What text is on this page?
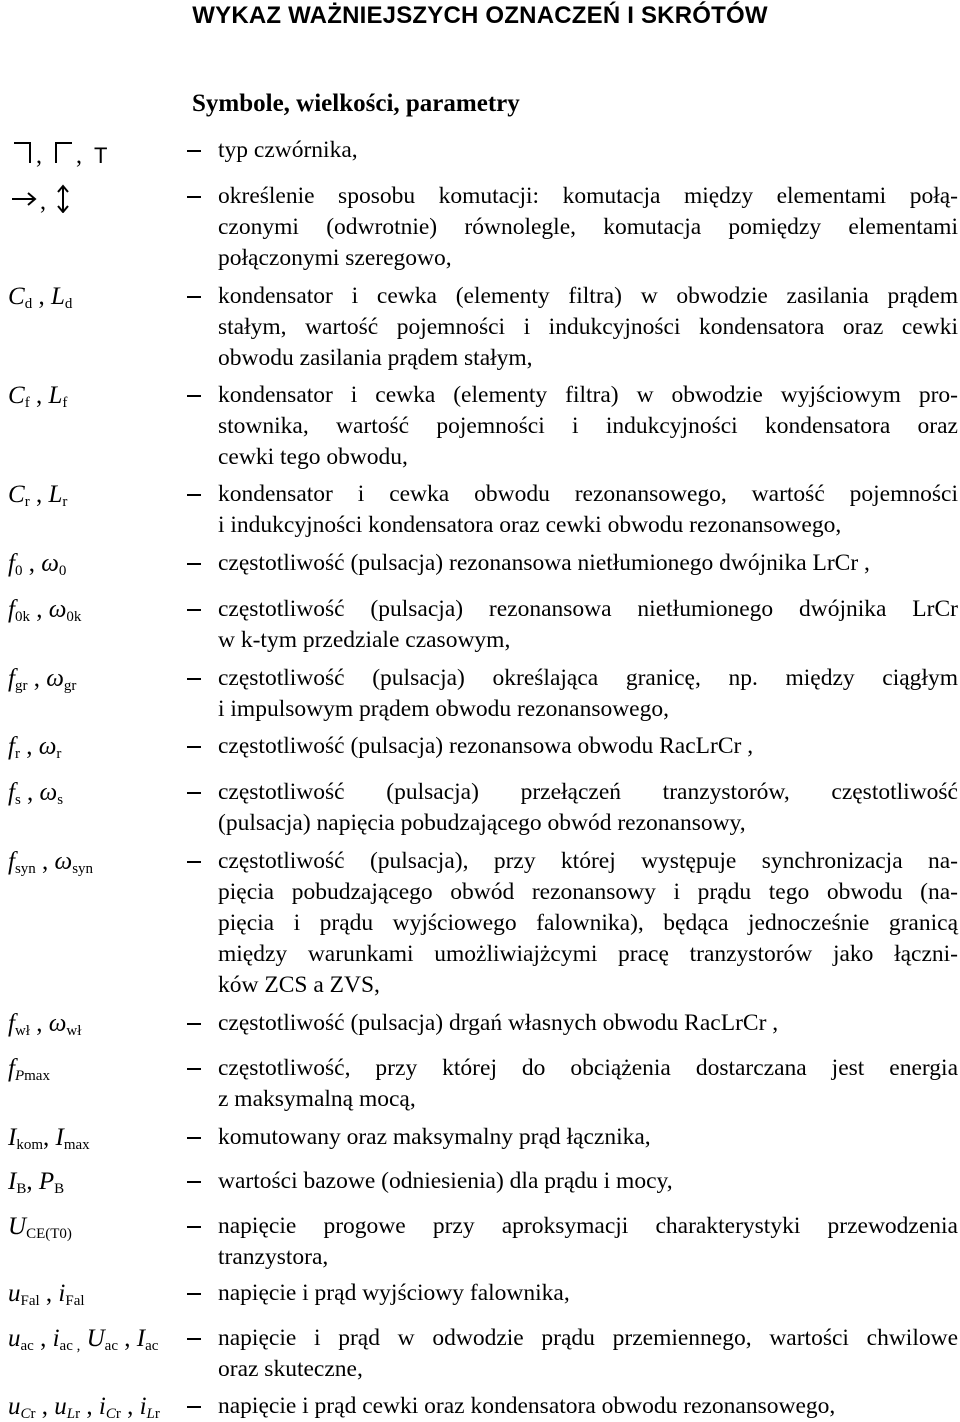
WYKAZ WAŻNIEJSZYCH OZNACZEŃ I SKRÓTÓW
Symbole, wielkości, parametry
, , T	typ czwórnika,
,	określenie sposobu komutacji: komutacja między elementami połą-
czonymi (odwrotnie) równolegle, komutacja pomiędzy elementami
połączonymi szeregowo,
$C_d$ , $L_d$	kondensator i cewka (elementy filtra) w obwodzie zasilania prądem
stałym, wartość pojemności i indukcyjności kondensatora oraz cewki
obwodu zasilania prądem stałym,
$C_f$ , $L_f$	kondensator i cewka (elementy filtra) w obwodzie wyjściowym pro-
stownika, wartość pojemności i indukcyjności kondensatora oraz
cewki tego obwodu,
$C_r$ , $L_r$	kondensator i cewka obwodu rezonansowego, wartość pojemności
i indukcyjności kondensatora oraz cewki obwodu rezonansowego,
$f_0$ , $\omega_0$	częstotliwość (pulsacja) rezonansowa nietłumionego dwójnika LrCr ,
$f_{0k}$ , $\omega_{0k}$	częstotliwość (pulsacja) rezonansowa nietłumionego dwójnika LrCr
w k-tym przedziale czasowym,
$f_{gr}$ , $\omega_{gr}$	częstotliwość (pulsacja) określająca granicę, np. między ciągłym
i impulsowym prądem obwodu rezonansowego,
$f_r$ , $\omega_r$	częstotliwość (pulsacja) rezonansowa obwodu RacLrCr ,
$f_s$ , $\omega_s$	częstotliwość (pulsacja) przełączeń tranzystorów, częstotliwość
(pulsacja) napięcia pobudzającego obwód rezonansowy,
$f_{syn}$ , $\omega_{syn}$	częstotliwość (pulsacja), przy której występuje synchronizacja na-
pięcia pobudzającego obwód rezonansowy i prądu tego obwodu (na-
pięcia i prądu wyjściowego falownika), będąca jednocześnie granicą
między warunkami umożliwiajżcymi pracę tranzystorów jako łączni-
ków ZCS a ZVS,
$f_{wł}$ , $\omega_{wł}$	częstotliwość (pulsacja) drgań własnych obwodu RacLrCr ,
$f_{Pmax}$	częstotliwość, przy której do obciążenia dostarczana jest energia
z maksymalną mocą,
$I_{kom}$, $I_{max}$	komutowany oraz maksymalny prąd łącznika,
$I_B$, $P_B$	wartości bazowe (odniesienia) dla prądu i mocy,
$U_{CE(T0)}$	napięcie progowe przy aproksymacji charakterystyki przewodzenia
tranzystora,
$u_{Fal}$ , $i_{Fal}$	napięcie i prąd wyjściowy falownika,
$u_{ac}$ , $i_{ac ,}$ $U_{ac}$ , $I_{ac}$	napięcie i prąd w odwodzie prądu przemiennego, wartości chwilowe
oraz skuteczne,
$u_{Cr}$ , $u_{Lr}$ , $i_{Cr}$ , $i_{Lr}$ napięcie i prąd cewki oraz kondensatora obwodu rezonansowego,
